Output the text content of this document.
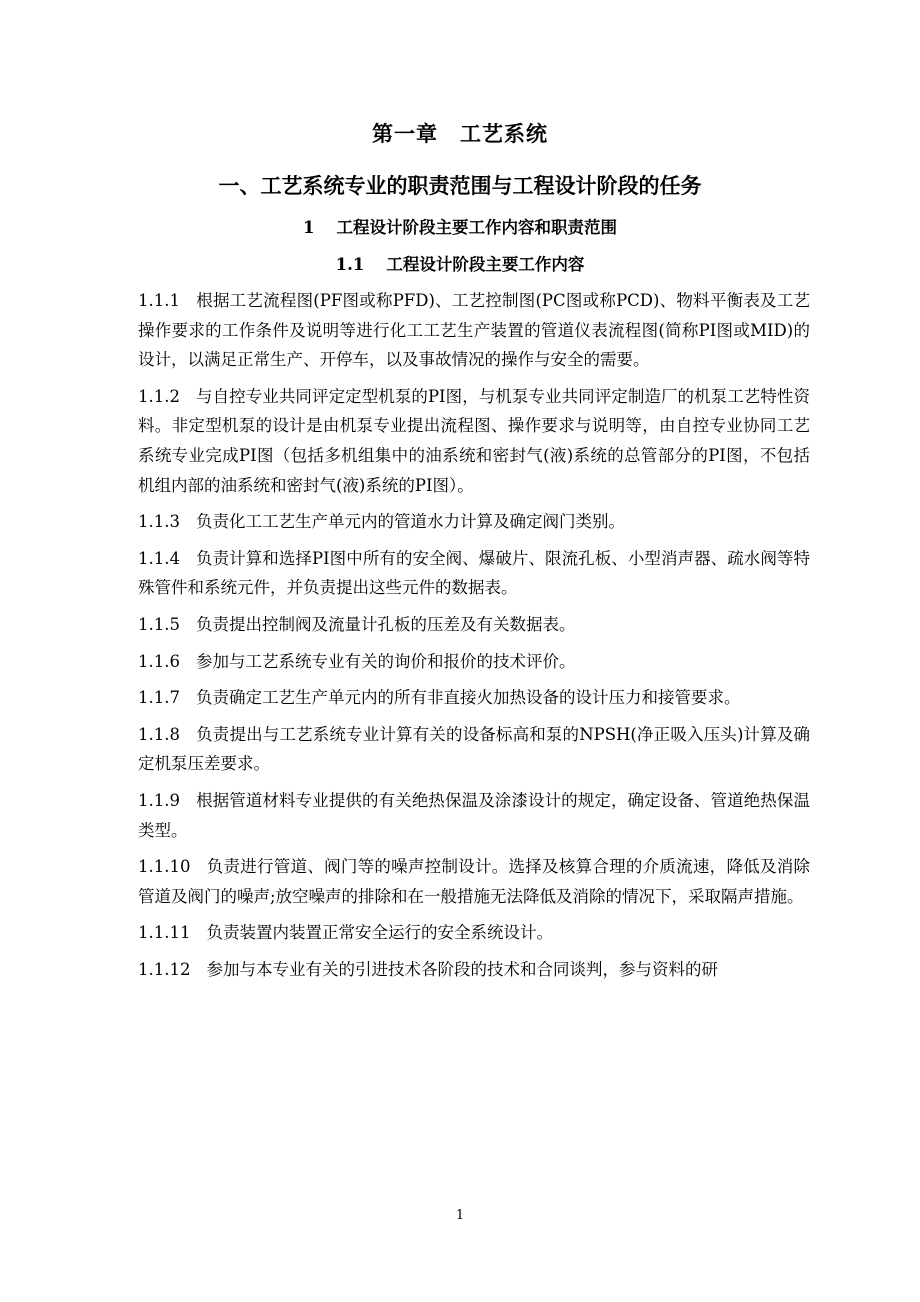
第一章 工艺系统
一、工艺系统专业的职责范围与工程设计阶段的任务
1 工程设计阶段主要工作内容和职责范围
1.1 工程设计阶段主要工作内容

1.1.1 根据工艺流程图(PF图或称PFD)、工艺控制图(PC图或称PCD)、物料平衡表及工艺操作要求的工作条件及说明等进行化工工艺生产装置的管道仪表流程图(简称PI图或MID)的设计，以满足正常生产、开停车，以及事故情况的操作与安全的需要。

1.1.2 与自控专业共同评定定型机泵的PI图，与机泵专业共同评定制造厂的机泵工艺特性资料。非定型机泵的设计是由机泵专业提出流程图、操作要求与说明等，由自控专业协同工艺系统专业完成PI图（包括多机组集中的油系统和密封气(液)系统的总管部分的PI图，不包括机组内部的油系统和密封气(液)系统的PI图）。

1.1.3 负责化工工艺生产单元内的管道水力计算及确定阀门类别。

1.1.4 负责计算和选择PI图中所有的安全阀、爆破片、限流孔板、小型消声器、疏水阀等特殊管件和系统元件，并负责提出这些元件的数据表。

1.1.5 负责提出控制阀及流量计孔板的压差及有关数据表。

1.1.6 参加与工艺系统专业有关的询价和报价的技术评价。

1.1.7 负责确定工艺生产单元内的所有非直接火加热设备的设计压力和接管要求。

1.1.8 负责提出与工艺系统专业计算有关的设备标高和泵的NPSH(净正吸入压头)计算及确定机泵压差要求。

1.1.9 根据管道材料专业提供的有关绝热保温及涂漆设计的规定，确定设备、管道绝热保温类型。

1.1.10 负责进行管道、阀门等的噪声控制设计。选择及核算合理的介质流速，降低及消除管道及阀门的噪声;放空噪声的排除和在一般措施无法降低及消除的情况下，采取隔声措施。

1.1.11 负责装置内装置正常安全运行的安全系统设计。

1.1.12 参加与本专业有关的引进技术各阶段的技术和合同谈判，参与资料的研

1
